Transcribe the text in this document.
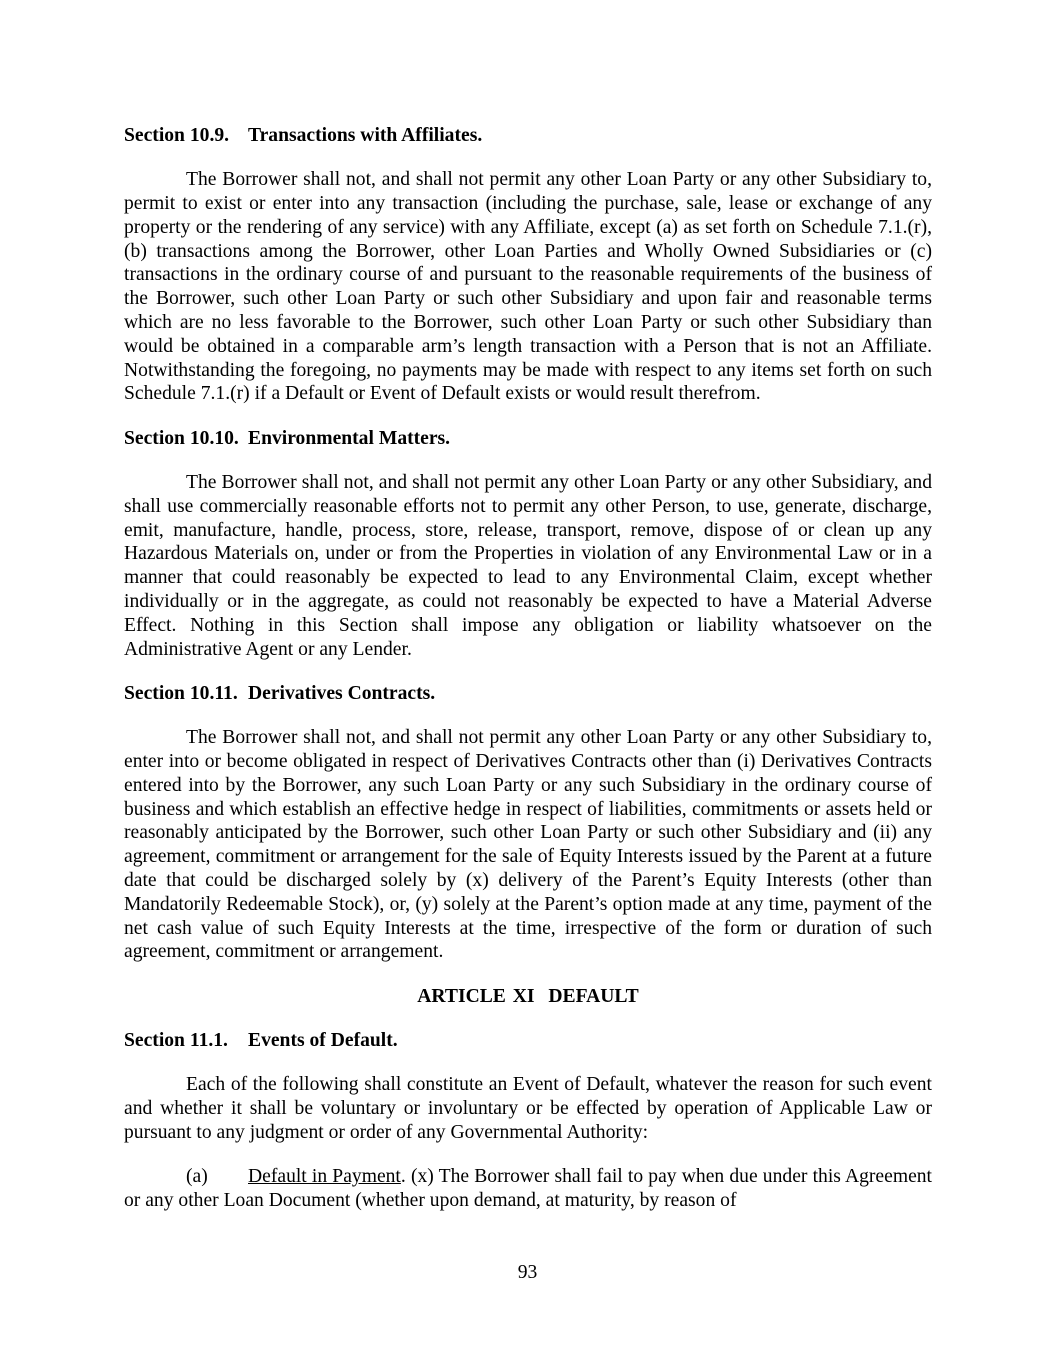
Section 10.9. Transactions with Affiliates.

The Borrower shall not, and shall not permit any other Loan Party or any other Subsidiary to, permit to exist or enter into any transaction (including the purchase, sale, lease or exchange of any property or the rendering of any service) with any Affiliate, except (a) as set forth on Schedule 7.1.(r), (b) transactions among the Borrower, other Loan Parties and Wholly Owned Subsidiaries or (c) transactions in the ordinary course of and pursuant to the reasonable requirements of the business of the Borrower, such other Loan Party or such other Subsidiary and upon fair and reasonable terms which are no less favorable to the Borrower, such other Loan Party or such other Subsidiary than would be obtained in a comparable arm’s length transaction with a Person that is not an Affiliate. Notwithstanding the foregoing, no payments may be made with respect to any items set forth on such Schedule 7.1.(r) if a Default or Event of Default exists or would result therefrom.

Section 10.10. Environmental Matters.

The Borrower shall not, and shall not permit any other Loan Party or any other Subsidiary, and shall use commercially reasonable efforts not to permit any other Person, to use, generate, discharge, emit, manufacture, handle, process, store, release, transport, remove, dispose of or clean up any Hazardous Materials on, under or from the Properties in violation of any Environmental Law or in a manner that could reasonably be expected to lead to any Environmental Claim, except whether individually or in the aggregate, as could not reasonably be expected to have a Material Adverse Effect. Nothing in this Section shall impose any obligation or liability whatsoever on the Administrative Agent or any Lender.

Section 10.11. Derivatives Contracts.

The Borrower shall not, and shall not permit any other Loan Party or any other Subsidiary to, enter into or become obligated in respect of Derivatives Contracts other than (i) Derivatives Contracts entered into by the Borrower, any such Loan Party or any such Subsidiary in the ordinary course of business and which establish an effective hedge in respect of liabilities, commitments or assets held or reasonably anticipated by the Borrower, such other Loan Party or such other Subsidiary and (ii) any agreement, commitment or arrangement for the sale of Equity Interests issued by the Parent at a future date that could be discharged solely by (x) delivery of the Parent’s Equity Interests (other than Mandatorily Redeemable Stock), or, (y) solely at the Parent’s option made at any time, payment of the net cash value of such Equity Interests at the time, irrespective of the form or duration of such agreement, commitment or arrangement.

ARTICLE XI  DEFAULT
Section 11.1. Events of Default.

Each of the following shall constitute an Event of Default, whatever the reason for such event and whether it shall be voluntary or involuntary or be effected by operation of Applicable Law or pursuant to any judgment or order of any Governmental Authority:

(a) Default in Payment. (x) The Borrower shall fail to pay when due under this Agreement or any other Loan Document (whether upon demand, at maturity, by reason of

93
